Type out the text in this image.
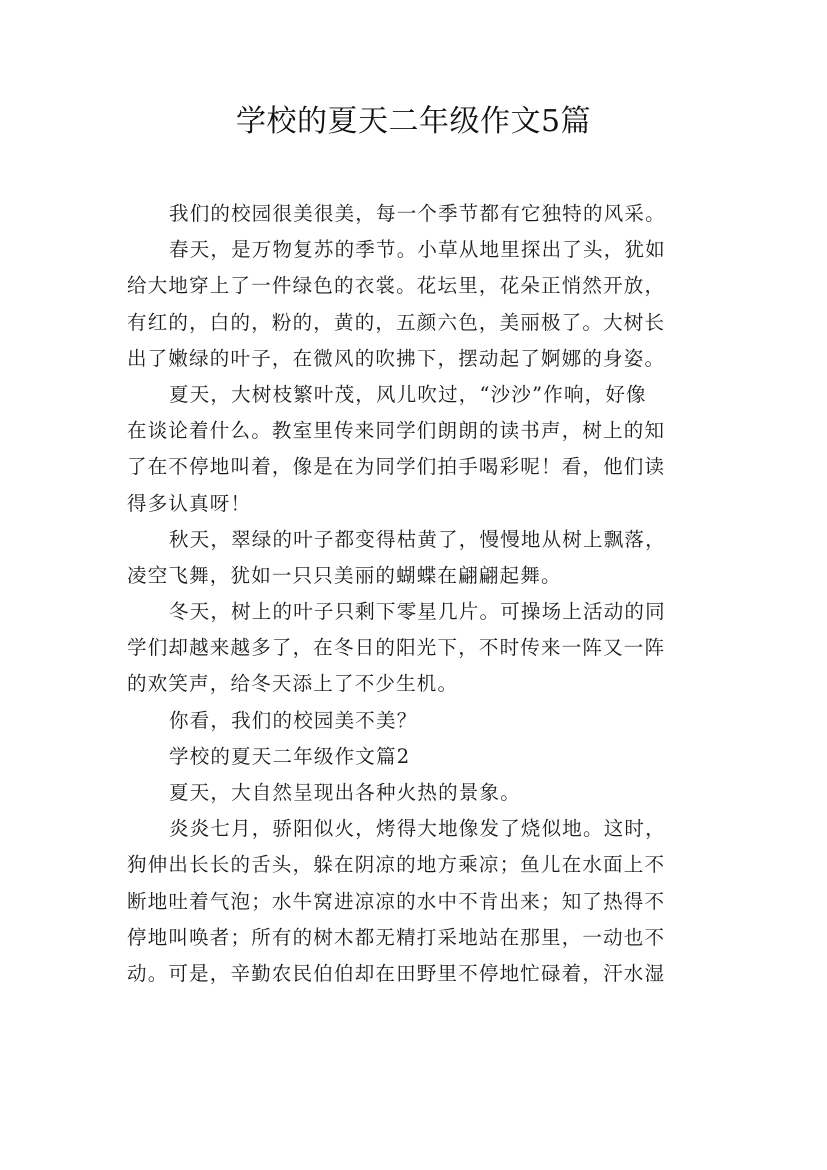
学校的夏天二年级作文5篇
我们的校园很美很美，每一个季节都有它独特的风采。
春天，是万物复苏的季节。小草从地里探出了头，犹如
给大地穿上了一件绿色的衣裳。花坛里，花朵正悄然开放，
有红的，白的，粉的，黄的，五颜六色，美丽极了。大树长
出了嫩绿的叶子，在微风的吹拂下，摆动起了婀娜的身姿。
夏天，大树枝繁叶茂，风儿吹过，“沙沙”作响，好像
在谈论着什么。教室里传来同学们朗朗的读书声，树上的知
了在不停地叫着，像是在为同学们拍手喝彩呢！看，他们读
得多认真呀！
秋天，翠绿的叶子都变得枯黄了，慢慢地从树上飘落，
凌空飞舞，犹如一只只美丽的蝴蝶在翩翩起舞。
冬天，树上的叶子只剩下零星几片。可操场上活动的同
学们却越来越多了，在冬日的阳光下，不时传来一阵又一阵
的欢笑声，给冬天添上了不少生机。
你看，我们的校园美不美？
学校的夏天二年级作文篇2
夏天，大自然呈现出各种火热的景象。
炎炎七月，骄阳似火，烤得大地像发了烧似地。这时，
狗伸出长长的舌头，躲在阴凉的地方乘凉；鱼儿在水面上不
断地吐着气泡；水牛窝进凉凉的水中不肯出来；知了热得不
停地叫唤者；所有的树木都无精打采地站在那里，一动也不
动。可是，辛勤农民伯伯却在田野里不停地忙碌着，汗水湿
